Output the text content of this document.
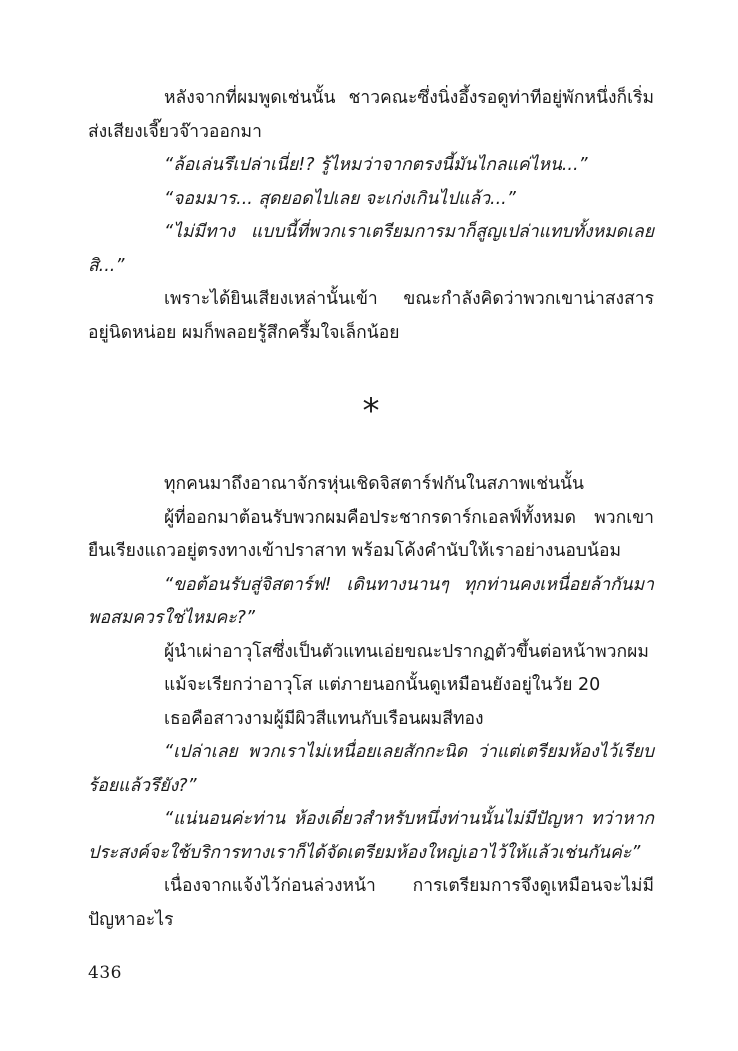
หลังจากที่ผมพูดเช่นนั้น ชาวคณะซึ่งนิ่งอึ้งรอดูท่าทีอยู่พักหนึ่งก็เริ่มส่งเสียงเจี๊ยวจ๊าวออกมา

“ล้อเล่นรึเปล่าเนี่ย!? รู้ไหมว่าจากตรงนี้มันไกลแค่ไหน...”

“จอมมาร... สุดยอดไปเลย จะเก่งเกินไปแล้ว...”

“ไม่มีทาง แบบนี้ที่พวกเราเตรียมการมาก็สูญเปล่าแทบทั้งหมดเลยสิ...”

เพราะได้ยินเสียงเหล่านั้นเข้า ขณะกำลังคิดว่าพวกเขาน่าสงสารอยู่นิดหน่อย ผมก็พลอยรู้สึกครึ้มใจเล็กน้อย

*

ทุกคนมาถึงอาณาจักรหุ่นเชิดจิสตาร์ฟกันในสภาพเช่นนั้น

ผู้ที่ออกมาต้อนรับพวกผมคือประชากรดาร์กเอลฟ์ทั้งหมด พวกเขายืนเรียงแถวอยู่ตรงทางเข้าปราสาท พร้อมโค้งคำนับให้เราอย่างนอบน้อม

“ขอต้อนรับสู่จิสตาร์ฟ! เดินทางนานๆ ทุกท่านคงเหนื่อยล้ากันมาพอสมควรใช่ไหมคะ?”

ผู้นำเผ่าอาวุโสซึ่งเป็นตัวแทนเอ่ยขณะปรากฏตัวขึ้นต่อหน้าพวกผม

แม้จะเรียกว่าอาวุโส แต่ภายนอกนั้นดูเหมือนยังอยู่ในวัย 20

เธอคือสาวงามผู้มีผิวสีแทนกับเรือนผมสีทอง

“เปล่าเลย พวกเราไม่เหนื่อยเลยสักกะนิด ว่าแต่เตรียมห้องไว้เรียบร้อยแล้วรึยัง?”

“แน่นอนค่ะท่าน ห้องเดี่ยวสำหรับหนึ่งท่านนั้นไม่มีปัญหา ทว่าหากประสงค์จะใช้บริการทางเราก็ได้จัดเตรียมห้องใหญ่เอาไว้ให้แล้วเช่นกันค่ะ”

เนื่องจากแจ้งไว้ก่อนล่วงหน้า การเตรียมการจึงดูเหมือนจะไม่มีปัญหาอะไร

436
